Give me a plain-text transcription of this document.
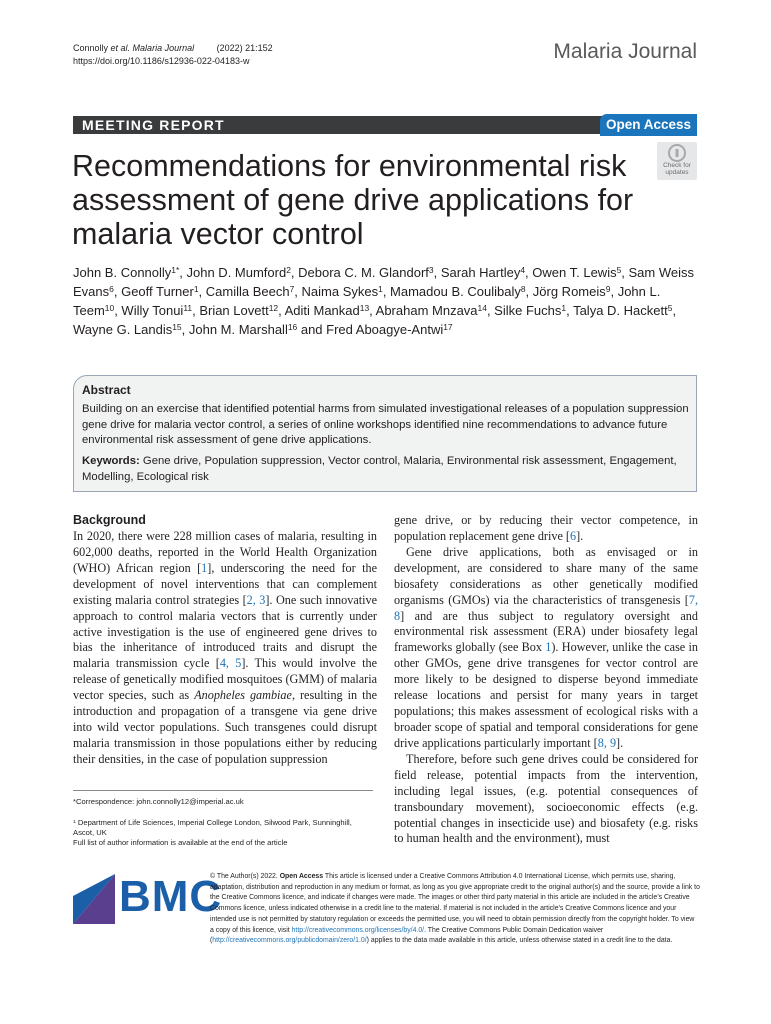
Connolly et al. Malaria Journal	(2022) 21:152
https://doi.org/10.1186/s12936-022-04183-w	Malaria Journal
MEETING REPORT	Open Access
Recommendations for environmental risk assessment of gene drive applications for malaria vector control
Check for
updates
John B. Connolly$^{1*}$, John D. Mumford$^2$, Debora C. M. Glandorf$^3$, Sarah Hartley$^4$, Owen T. Lewis$^5$, Sam Weiss Evans$^6$, Geoff Turner$^1$, Camilla Beech$^7$, Naima Sykes$^1$, Mamadou B. Coulibaly$^8$, Jörg Romeis$^9$, John L. Teem$^{10}$, Willy Tonui$^{11}$, Brian Lovett$^{12}$, Aditi Mankad$^{13}$, Abraham Mnzava$^{14}$, Silke Fuchs$^1$, Talya D. Hackett$^5$, Wayne G. Landis$^{15}$, John M. Marshall$^{16}$ and Fred Aboagye-Antwi$^{17}$
Abstract
Building on an exercise that identified potential harms from simulated investigational releases of a population suppression gene drive for malaria vector control, a series of online workshops identified nine recommendations to advance future environmental risk assessment of gene drive applications.
Keywords: Gene drive, Population suppression, Vector control, Malaria, Environmental risk assessment, Engagement, Modelling, Ecological risk
Background

In 2020, there were 228 million cases of malaria, resulting in 602,000 deaths, reported in the World Health Organization (WHO) African region [1], underscoring the need for the development of novel interventions that can complement existing malaria control strategies [2, 3]. One such innovative approach to control malaria vectors that is currently under active investigation is the use of engineered gene drives to bias the inheritance of introduced traits and disrupt the malaria transmission cycle [4, 5]. This would involve the release of genetically modified mosquitoes (GMM) of malaria vector species, such as Anopheles gambiae, resulting in the introduction and propagation of a transgene via gene drive into wild vector populations. Such transgenes could disrupt malaria transmission in those populations either by reducing their densities, in the case of population suppression

gene drive, or by reducing their vector competence, in population replacement gene drive [6].

Gene drive applications, both as envisaged or in development, are considered to share many of the same biosafety considerations as other genetically modified organisms (GMOs) via the characteristics of transgenesis [7, 8] and are thus subject to regulatory oversight and environmental risk assessment (ERA) under biosafety legal frameworks globally (see Box 1). However, unlike the case in other GMOs, gene drive transgenes for vector control are more likely to be designed to disperse beyond immediate release locations and persist for many years in target populations; this makes assessment of ecological risks with a broader scope of spatial and temporal considerations for gene drive applications particularly important [8, 9].

Therefore, before such gene drives could be considered for field release, potential impacts from the intervention, including legal issues, (e.g. potential consequences of transboundary movement), socioeconomic effects (e.g. potential changes in insecticide use) and biosafety (e.g. risks to human health and the environment), must

*Correspondence: john.connolly12@imperial.ac.uk
$^1$ Department of Life Sciences, Imperial College London, Silwood Park, Sunninghill, Ascot, UK
Full list of author information is available at the end of the article
BMC
© The Author(s) 2022. Open Access This article is licensed under a Creative Commons Attribution 4.0 International License, which permits use, sharing, adaptation, distribution and reproduction in any medium or format, as long as you give appropriate credit to the original author(s) and the source, provide a link to the Creative Commons licence, and indicate if changes were made. The images or other third party material in this article are included in the article’s Creative Commons licence, unless indicated otherwise in a credit line to the material. If material is not included in the article’s Creative Commons licence and your intended use is not permitted by statutory regulation or exceeds the permitted use, you will need to obtain permission directly from the copyright holder. To view a copy of this licence, visit http://creativecommons.org/licenses/by/4.0/. The Creative Commons Public Domain Dedication waiver (http://creativecommons.org/publicdomain/zero/1.0/) applies to the data made available in this article, unless otherwise stated in a credit line to the data.
